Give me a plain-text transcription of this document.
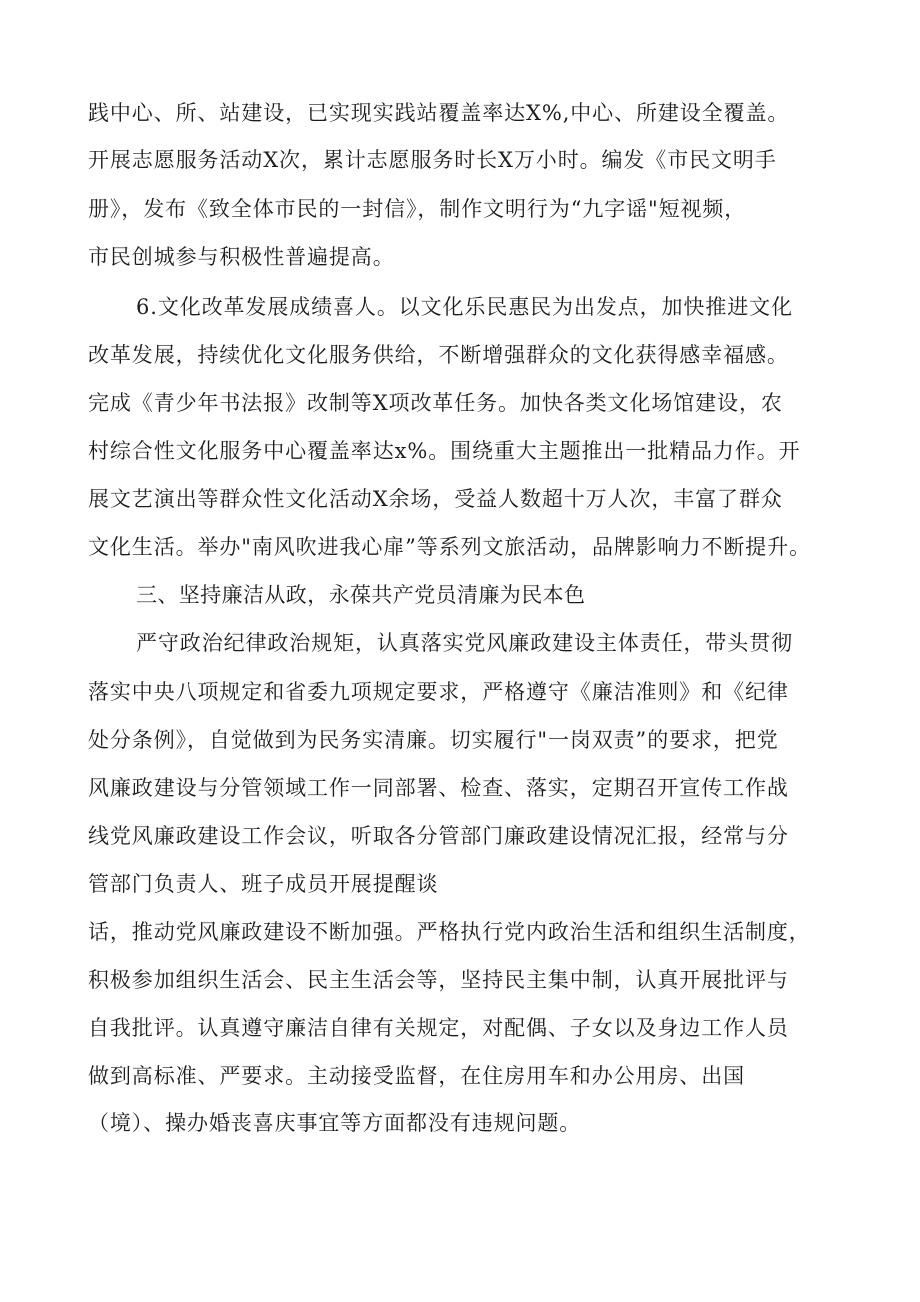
践中心、所、站建设，已实现实践站覆盖率达X%,中心、所建设全覆盖。

开展志愿服务活动X次，累计志愿服务时长X万小时。编发《市民文明手

册》，发布《致全体市民的一封信》，制作文明行为“九字谣"短视频，

市民创城参与积极性普遍提高。

6.文化改革发展成绩喜人。以文化乐民惠民为出发点，加快推进文化

改革发展，持续优化文化服务供给，不断增强群众的文化获得感幸福感。

完成《青少年书法报》改制等X项改革任务。加快各类文化场馆建设，农

村综合性文化服务中心覆盖率达x%。围绕重大主题推出一批精品力作。开

展文艺演出等群众性文化活动X余场，受益人数超十万人次，丰富了群众

文化生活。举办"南风吹进我心扉”等系列文旅活动，品牌影响力不断提升。

三、坚持廉洁从政，永葆共产党员清廉为民本色

严守政治纪律政治规矩，认真落实党风廉政建设主体责任，带头贯彻

落实中央八项规定和省委九项规定要求，严格遵守《廉洁准则》和《纪律

处分条例》，自觉做到为民务实清廉。切实履行"一岗双责”的要求，把党

风廉政建设与分管领域工作一同部署、检查、落实，定期召开宣传工作战

线党风廉政建设工作会议，听取各分管部门廉政建设情况汇报，经常与分

管部门负责人、班子成员开展提醒谈

话，推动党风廉政建设不断加强。严格执行党内政治生活和组织生活制度，

积极参加组织生活会、民主生活会等，坚持民主集中制，认真开展批评与

自我批评。认真遵守廉洁自律有关规定，对配偶、子女以及身边工作人员

做到高标准、严要求。主动接受监督，在住房用车和办公用房、出国

（境）、操办婚丧喜庆事宜等方面都没有违规问题。
